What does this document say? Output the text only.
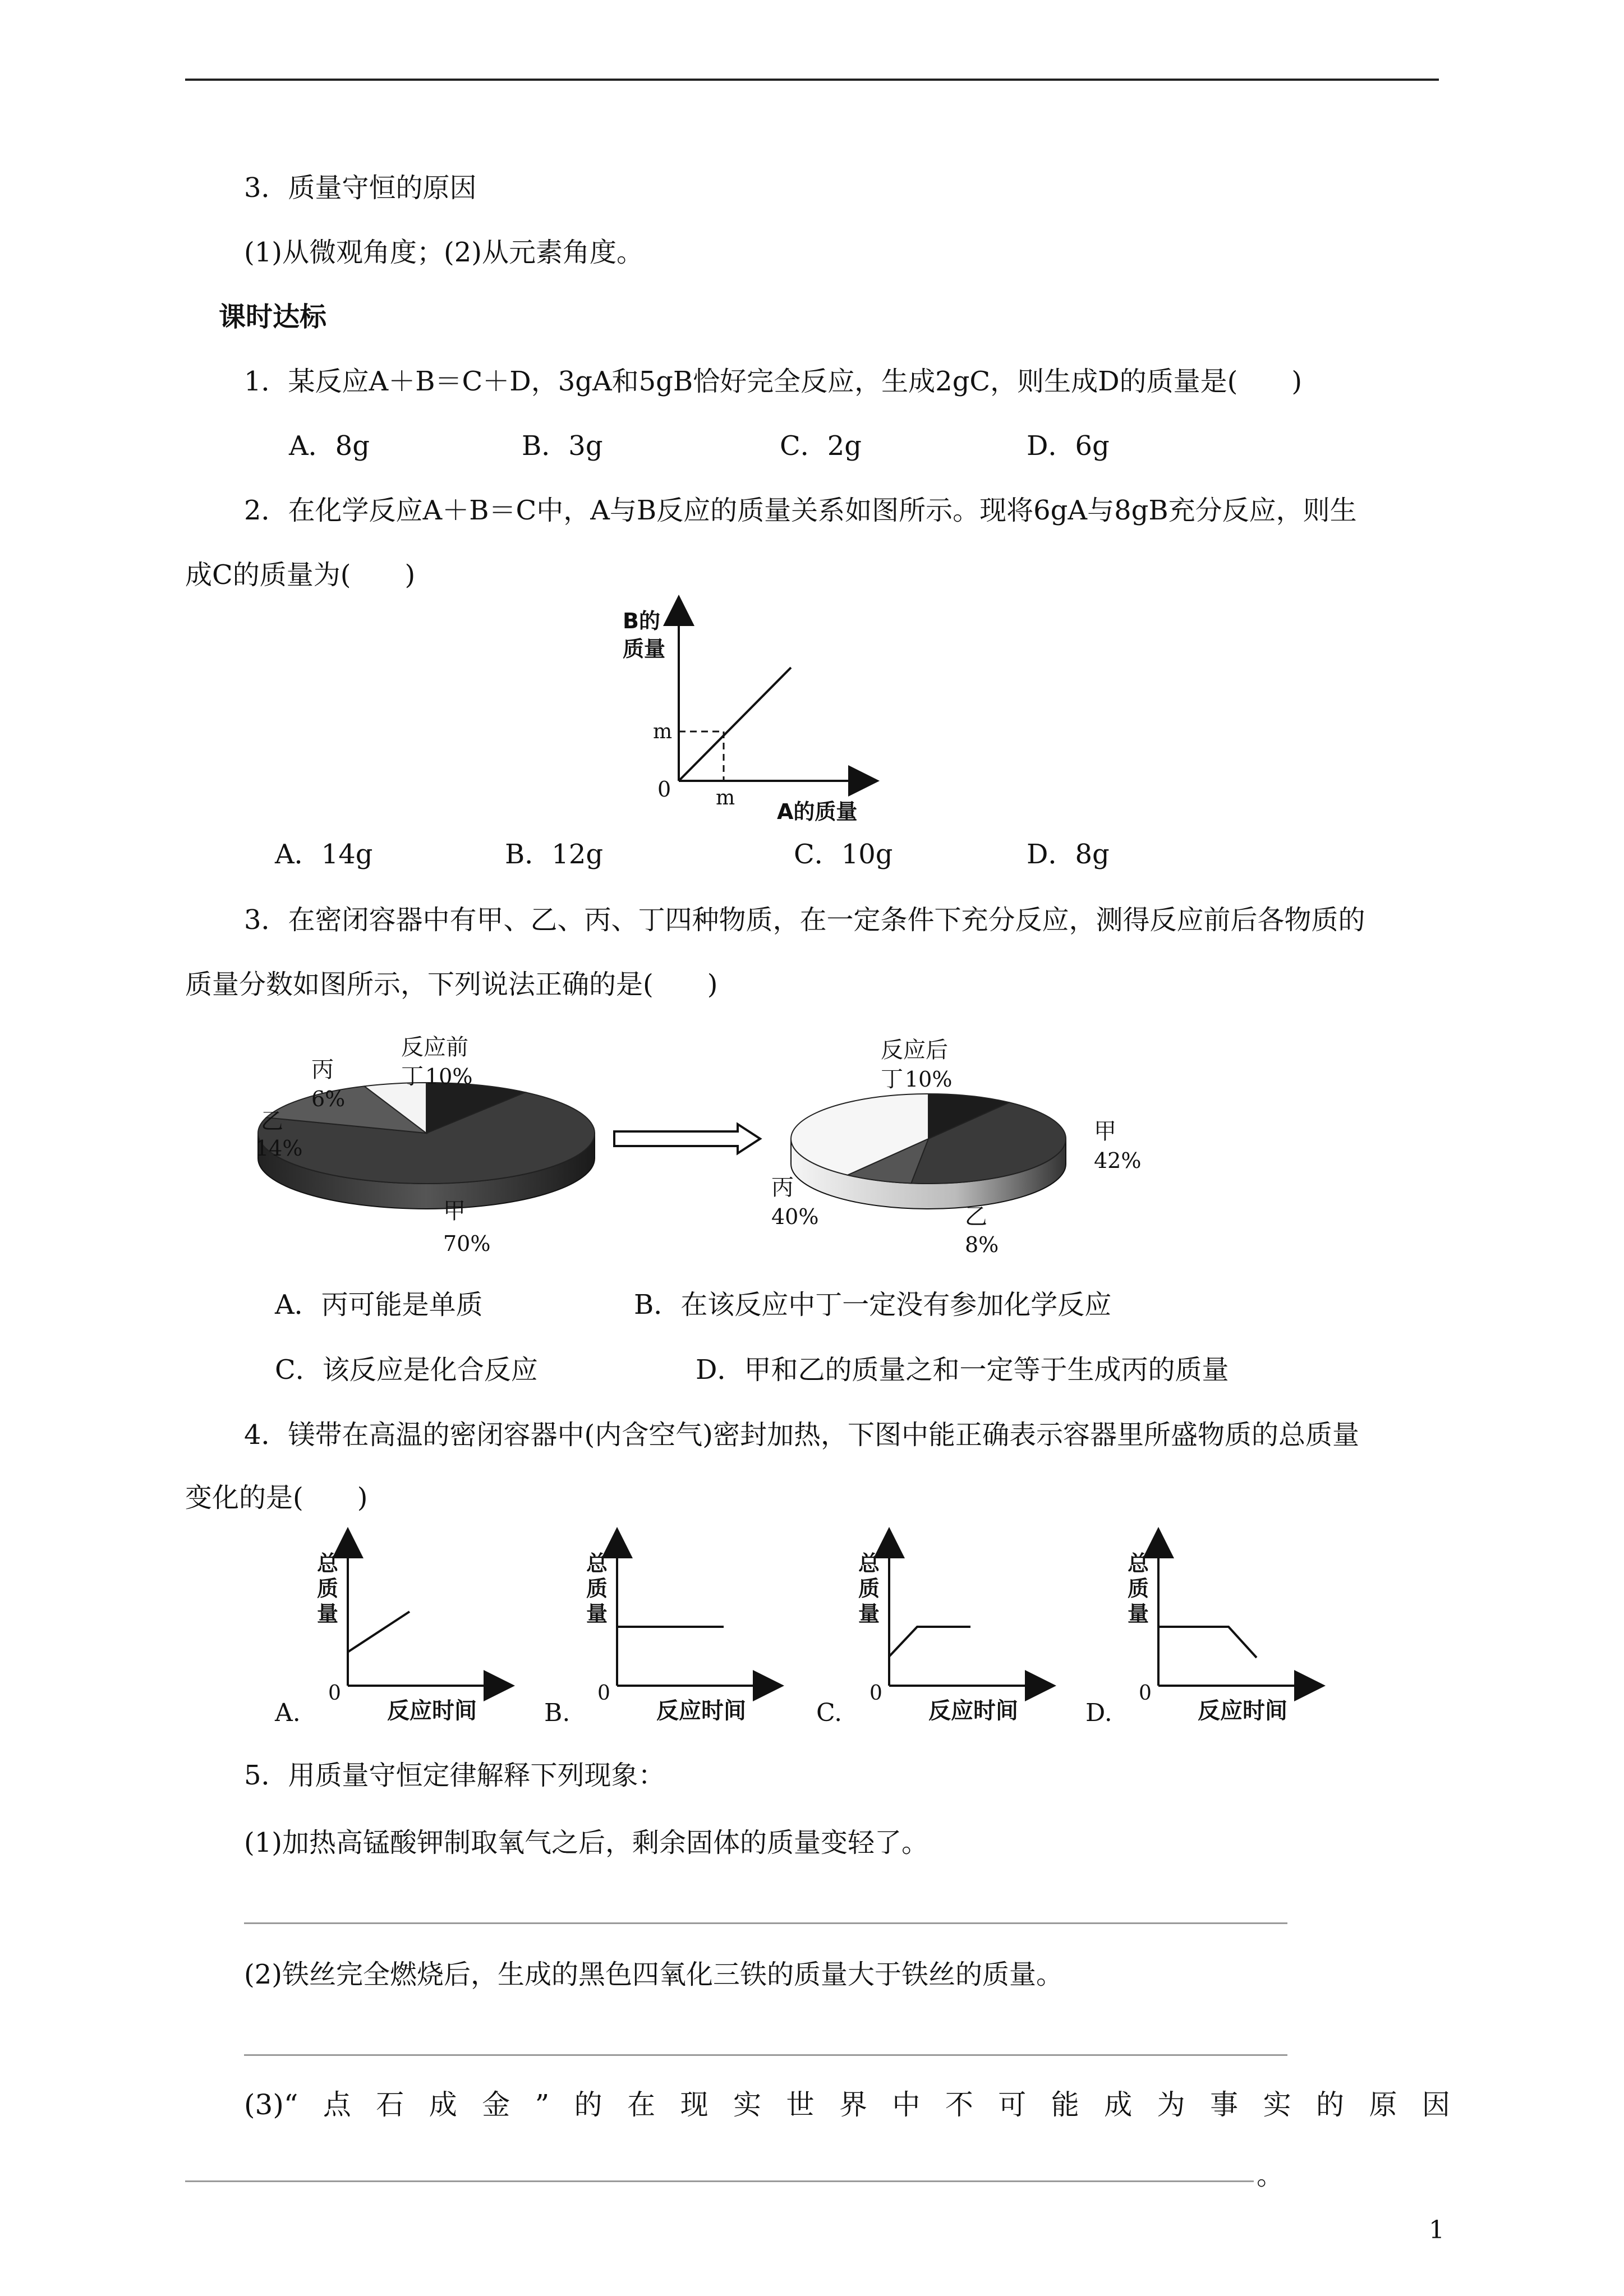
3．质量守恒的原因
(1)从微观角度；(2)从元素角度。
课时达标
1．某反应A＋B＝C＋D，3gA和5gB恰好完全反应，生成2gC，则生成D的质量是(　　)
A．8g	B．3g	C．2g	D．6g
2．在化学反应A＋B＝C中，A与B反应的质量关系如图所示。现将6gA与8gB充分反应，则生
成C的质量为(　　)
B的
质量
m
m
0
A的质量
A．14g	B．12g	C．10g	D．8g
3．在密闭容器中有甲、乙、丙、丁四种物质，在一定条件下充分反应，测得反应前后各物质的
质量分数如图所示，下列说法正确的是(　　)
反应前
丁 10%
丙
6%
乙
14%
甲
70%
反应后
丁 10%
甲
42%
丙
40%	乙
8%
A．丙可能是单质	B．在该反应中丁一定没有参加化学反应
C．该反应是化合反应	D．甲和乙的质量之和一定等于生成丙的质量
4．镁带在高温的密闭容器中(内含空气)密封加热，下图中能正确表示容器里所盛物质的总质量
变化的是(　　)
总
质
量
0
反应时间
A.
总
质
量
0
反应时间
B.
总
质
量
0
反应时间
C.
总
质
量
0
反应时间
D.
5．用质量守恒定律解释下列现象：
(1)加热高锰酸钾制取氧气之后，剩余固体的质量变轻了。
(2)铁丝完全燃烧后，生成的黑色四氧化三铁的质量大于铁丝的质量。
(3)“ 点 石 成 金 ” 的 在 现 实 世 界 中 不 可 能 成 为 事 实 的 原 因
。
1
